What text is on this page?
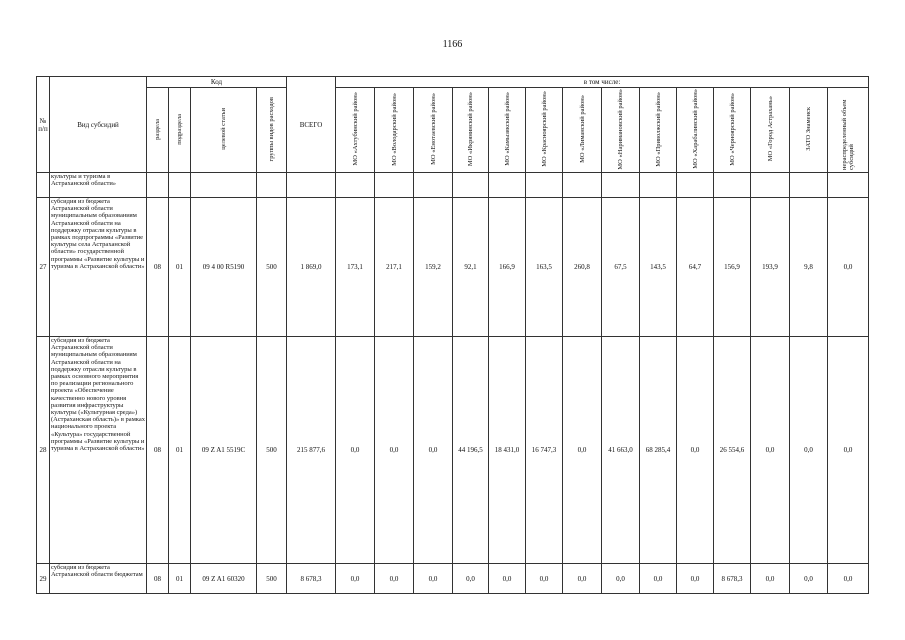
1166
№ п/п	Вид субсидий	Код				ВСЕГО	в том числе:													
		раздела	подраздела	целевой статьи	группы видов расходов		МО «Ахтубинский район»	МО «Володарский район»	МО «Енотаевский район»	МО «Икрянинский район»	МО «Камызякский район»	МО «Красноярский район»	МО «Лиманский район»	МО «Наримановский район»	МО «Приволжский район»	МО «Харабалинский район»	МО «Черноярский район»	МО «Город Астрахань»	ЗАТО Знаменск	нераспределенный объем субсидий
	культуры и туризма в Астраханской области»																			
27	субсидия из бюджета Астраханской области муниципальным образованиям Астраханской области на поддержку отрасли культуры в рамках подпрограммы «Развитие культуры села Астраханской области» государственной программы «Развитие культуры и туризма в Астраханской области»	08	01	09 4 00 R5190	500	1 869,0	173,1	217,1	159,2	92,1	166,9	163,5	260,8	67,5	143,5	64,7	156,9	193,9	9,8	0,0
28	субсидия из бюджета Астраханской области муниципальным образованиям Астраханской области на поддержку отрасли культуры в рамках основного мероприятия по реализации регионального проекта «Обеспечение качественно нового уровня развития инфраструктуры культуры («Культурная среда») (Астраханская область)» в рамках национального проекта «Культура» государственной программы «Развитие культуры и туризма в Астраханской области»	08	01	09 Z A1 5519C	500	215 877,6	0,0	0,0	0,0	44 196,5	18 431,0	16 747,3	0,0	41 663,0	68 285,4	0,0	26 554,6	0,0	0,0	0,0
29	субсидия из бюджета Астраханской области бюджетам	08	01	09 Z A1 60320	500	8 678,3	0,0	0,0	0,0	0,0	0,0	0,0	0,0	0,0	0,0	0,0	8 678,3	0,0	0,0	0,0
